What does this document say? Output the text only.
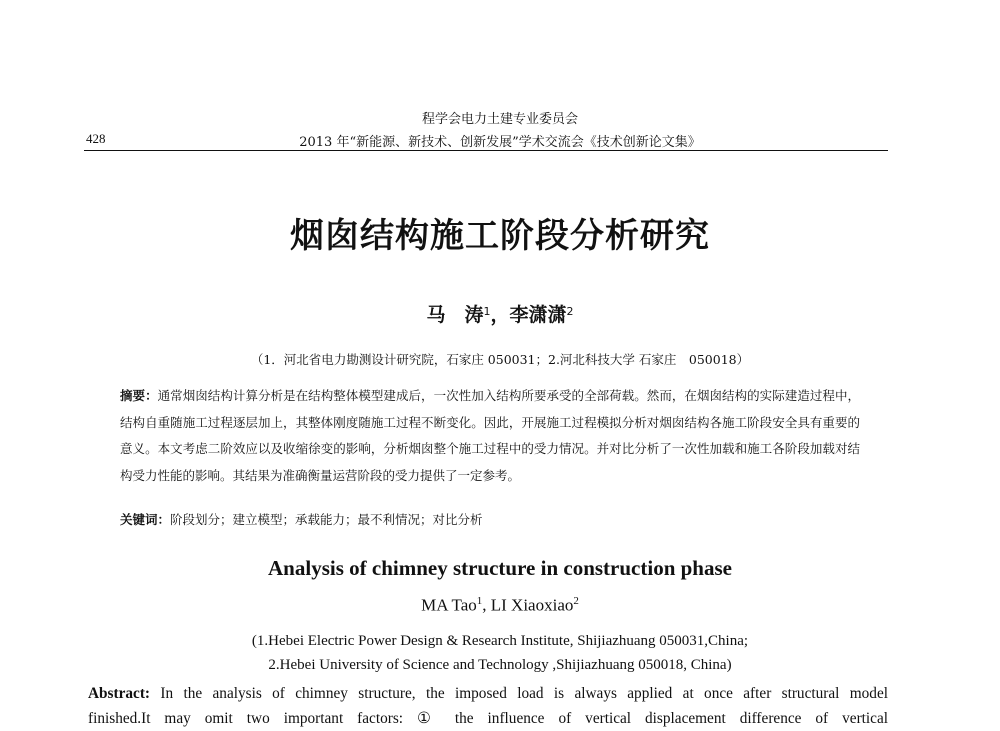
程学会电力土建专业委员会
428	2013 年“新能源、新技术、创新发展”学术交流会《技术创新论文集》
烟囱结构施工阶段分析研究
马　涛$^1$，李潇潇$^2$
（1．河北省电力勘测设计研究院，石家庄 050031；2.河北科技大学 石家庄　050018）
摘要：通常烟囱结构计算分析是在结构整体模型建成后，一次性加入结构所要承受的全部荷载。然而，在烟囱结构的实际建造过程中，结构自重随施工过程逐层加上，其整体刚度随施工过程不断变化。因此，开展施工过程模拟分析对烟囱结构各施工阶段安全具有重要的意义。本文考虑二阶效应以及收缩徐变的影响，分析烟囱整个施工过程中的受力情况。并对比分析了一次性加载和施工各阶段加载对结构受力性能的影响。其结果为准确衡量运营阶段的受力提供了一定参考。
关键词：阶段划分；建立模型；承载能力；最不利情况；对比分析
Analysis of chimney structure in construction phase
MA Tao$^1$, LI Xiaoxiao$^2$
(1.Hebei Electric Power Design & Research Institute, Shijiazhuang 050031,China;
2.Hebei University of Science and Technology ,Shijiazhuang 050018, China)
Abstract: In the analysis of chimney structure, the imposed load is always applied at once after structural model
finished.It may omit two important factors: ① the influence of vertical displacement difference of vertical
